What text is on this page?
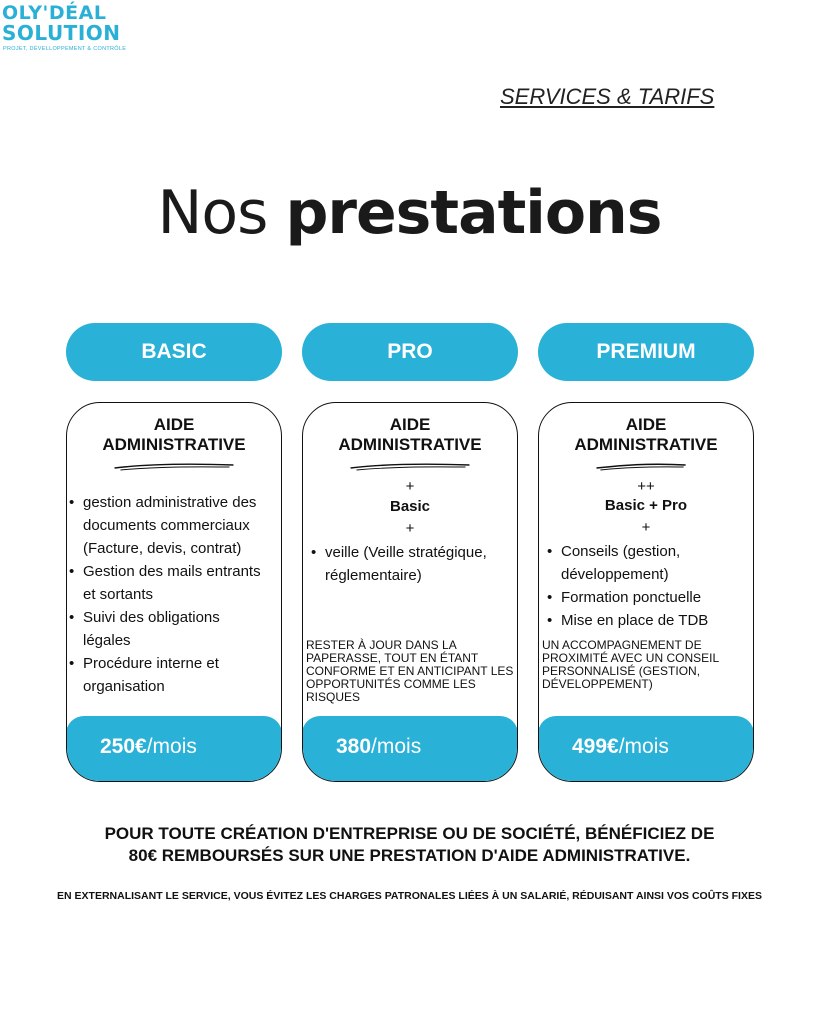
OLY'DÉAL
SOLUTION
PROJET, DÉVELLOPPEMENT & CONTRÔLE
SERVICES & TARIFS
Nos prestations
BASIC	PRO	PREMIUM
AIDE
ADMINISTRATIVE
• gestion administrative des documents commerciaux (Facture, devis, contrat)
• Gestion des mails entrants et sortants
• Suivi des obligations légales
• Procédure interne et organisation
250€/mois
AIDE
ADMINISTRATIVE
+
Basic
+
• veille (Veille stratégique, réglementaire)
RESTER À JOUR DANS LA PAPERASSE, TOUT EN ÉTANT CONFORME ET EN ANTICIPANT LES OPPORTUNITÉS COMME LES RISQUES
380/mois
AIDE
ADMINISTRATIVE
++
Basic + Pro
+
• Conseils (gestion, développement)
• Formation ponctuelle
• Mise en place de TDB
UN ACCOMPAGNEMENT DE PROXIMITÉ AVEC UN CONSEIL PERSONNALISÉ (GESTION, DÉVELOPPEMENT)
499€/mois
POUR TOUTE CRÉATION D'ENTREPRISE OU DE SOCIÉTÉ, BÉNÉFICIEZ DE
80€ REMBOURSÉS SUR UNE PRESTATION D'AIDE ADMINISTRATIVE.
EN EXTERNALISANT LE SERVICE, VOUS ÉVITEZ LES CHARGES PATRONALES LIÉES À UN SALARIÉ, RÉDUISANT AINSI VOS COÛTS FIXES
